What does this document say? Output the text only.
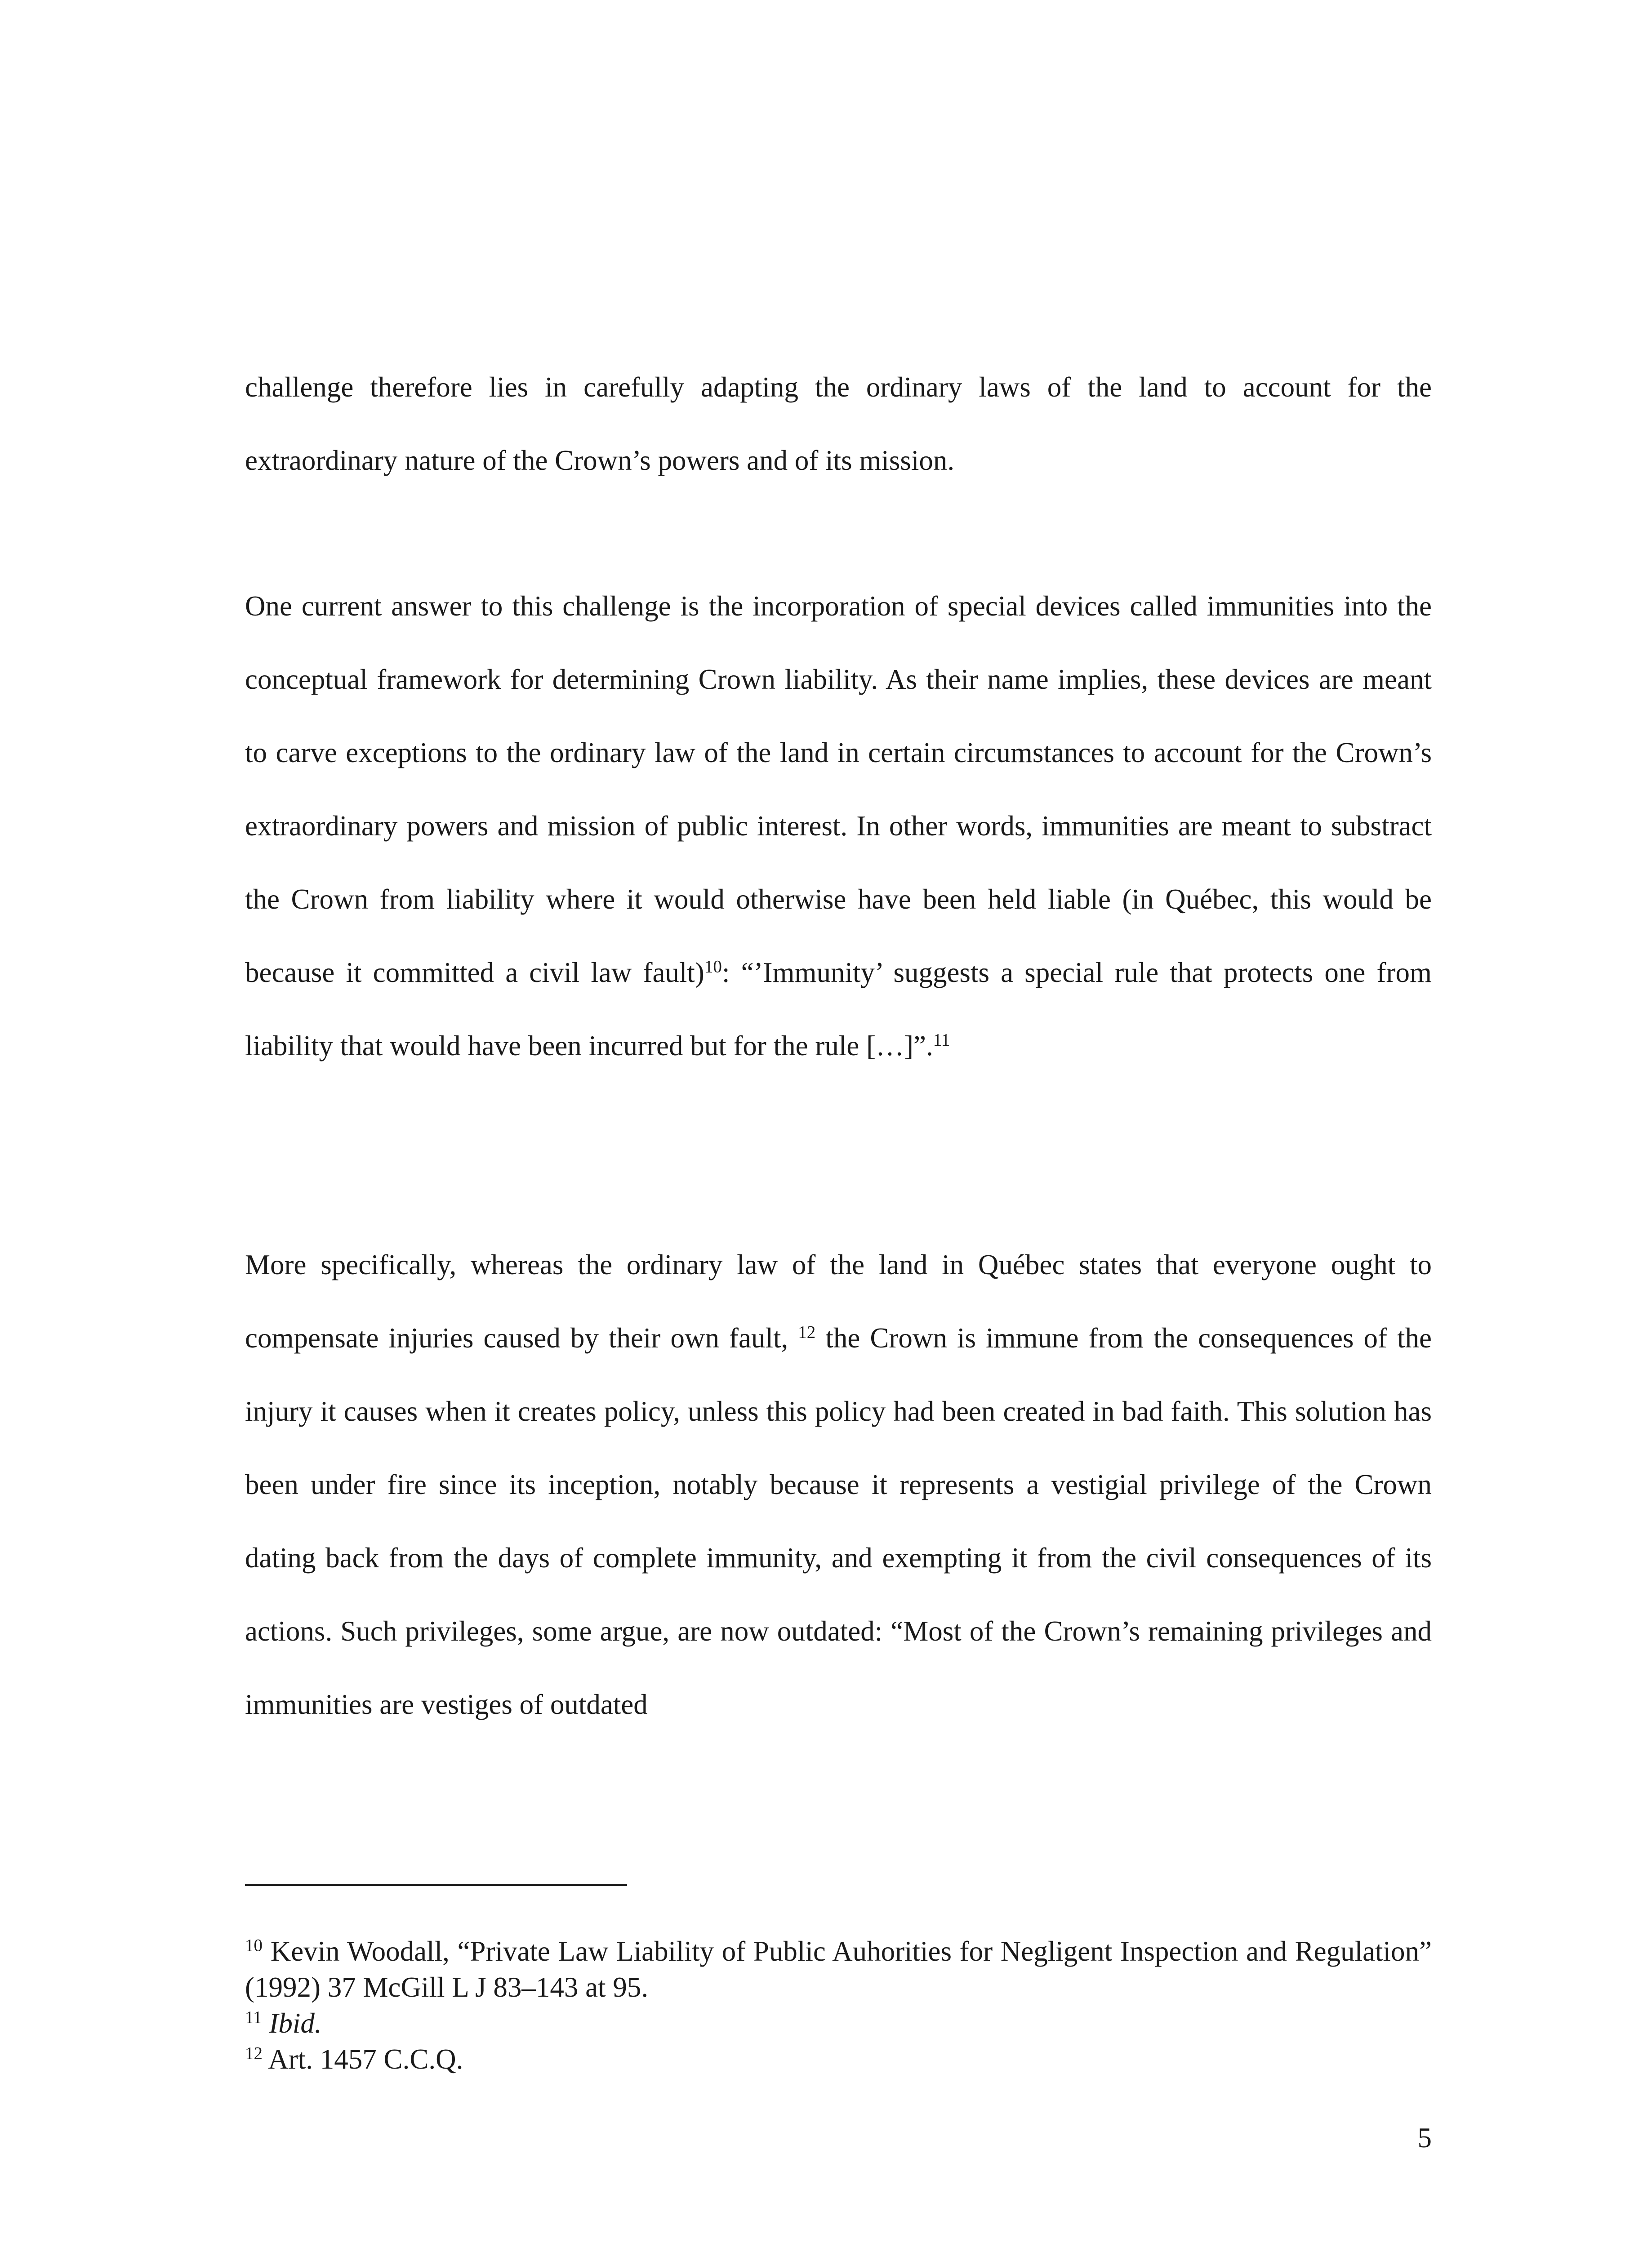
challenge therefore lies in carefully adapting the ordinary laws of the land to account for the extraordinary nature of the Crown’s powers and of its mission.

One current answer to this challenge is the incorporation of special devices called immunities into the conceptual framework for determining Crown liability. As their name implies, these devices are meant to carve exceptions to the ordinary law of the land in certain circumstances to account for the Crown’s extraordinary powers and mission of public interest. In other words, immunities are meant to substract the Crown from liability where it would otherwise have been held liable (in Québec, this would be because it committed a civil law fault)$^{10}$: “’Immunity’ suggests a special rule that protects one from liability that would have been incurred but for the rule […]”.$^{11}$

More specifically, whereas the ordinary law of the land in Québec states that everyone ought to compensate injuries caused by their own fault, $^{12}$ the Crown is immune from the consequences of the injury it causes when it creates policy, unless this policy had been created in bad faith. This solution has been under fire since its inception, notably because it represents a vestigial privilege of the Crown dating back from the days of complete immunity, and exempting it from the civil consequences of its actions. Such privileges, some argue, are now outdated: “Most of the Crown’s remaining privileges and immunities are vestiges of outdated

$^{10}$ Kevin Woodall, “Private Law Liability of Public Auhorities for Negligent Inspection and Regulation” (1992) 37 McGill L J 83–143 at 95.

$^{11}$ Ibid.

$^{12}$ Art. 1457 C.C.Q.

5
